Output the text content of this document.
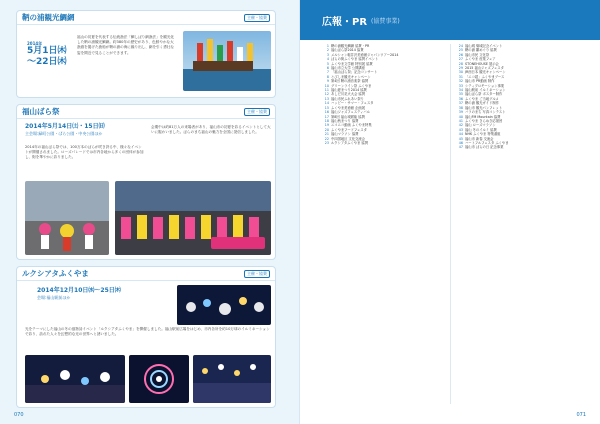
鞆の浦観光鯛網	主催・協賛
2014年
5月1日㈭
〜22日㈭
福山の初夏を代表する伝統漁法「鯛しばり網漁法」を観光化した鞆の浦観光鯛網。約380年の歴史があり、色鮮やかな大漁旗を掲げた漁船が鞆の浦の海に繰り出し、網を引く勇壮な姿を間近で見ることができます。
福山ばら祭	主催・協賛
2014年5月14日㈯・15日㈰
主会場:緑町公園・ばら公園・中央公園ほか
2014年の福山ばら祭では、100万本のばらが咲き誇る中、様々なイベントが開催されました。ローズパレードでは市内各地から多くの団体が参加し、街を華やかに彩りました。
会期中は約81万人の来場者があり、福山市の初夏を彩るイベントとして大いに賑わいました。ばらのまち福山の魅力を全国に発信しました。
ルクシアタふくやま	主催・協賛
2014年12月10日㈬〜25日㈭
会場:福山駅前ほか
光をテーマにした福山の冬の風物詩イベント「ルクシアタふくやま」を開催しました。福山駅前広場をはじめ、市内各所を約10万球のイルミネーションで彩り、訪れた人々を幻想的な光の世界へと誘いました。
070
広報・PR (協賛事業)
1 鞆の浦観光鯛網 協賛・PR
2 福山ばら祭2014 協賛
3 メルシャン軽井沢美術館ジャパンツアー2014
4 ばらの街ふくやま 協賛イベント
5 ふくやま文学館 特別展 協賛
6 福山市立大学 公開講座
7 「福山ばら祭」記念コンサート
8 とびしま観光キャンペーン
9 第4回 鞆の浦音楽祭 協賛
10 グリーンライン祭 ふくやま
11 福山夏まつり2014 協賛
12 あしだ川花火大会 協賛
13 福山市民ふれあい祭り
14 ハッピー・サマー・フェスタ
15 ふくやま美術館 企画展
16 福山ジャズフェスティバル
17 第8回 福山城薪能 協賛
18 福山秋まつり 協賛
19 ニコニコ動画 ふくやま特集
20 ふくやまフードフェスタ
21 福山マラソン 協賛
22 中四国地区 文化交流会
23 ルクシアタふくやま 協賛
24 福山城 築城記念イベント
25 鞆の浦 雛めぐり 協賛
26 福山市民 文化祭
27 ふくやま 産業フェア
28 STONEHOUSE 展示会
29 2015 福山ジャズフェスタ
30 JR西日本 観光キャンペーン
31 「ニコ超」ふくやまブース
32 福山市 PR動画 制作
33 シティプロモーション事業
34 福山駅前 イルミネーション
35 福山ばら祭 ポスター制作
36 ふくやま ご当地グルメ
37 鞆の浦 観光ガイド制作
38 福山市 観光パンフレット
39 バラのまち 写真コンテスト
40 福山FM Mountain 協賛
41 ふくやま きらめき応援団
42 福山 ローズマラソン
43 福山 冬のイルミ 協賛
44 NHK ふくやま 特集番組
45 福山市 新春 交流会
46 ハートフルフェスタ ふくやま
47 福山市 ばらの日 記念事業
071
